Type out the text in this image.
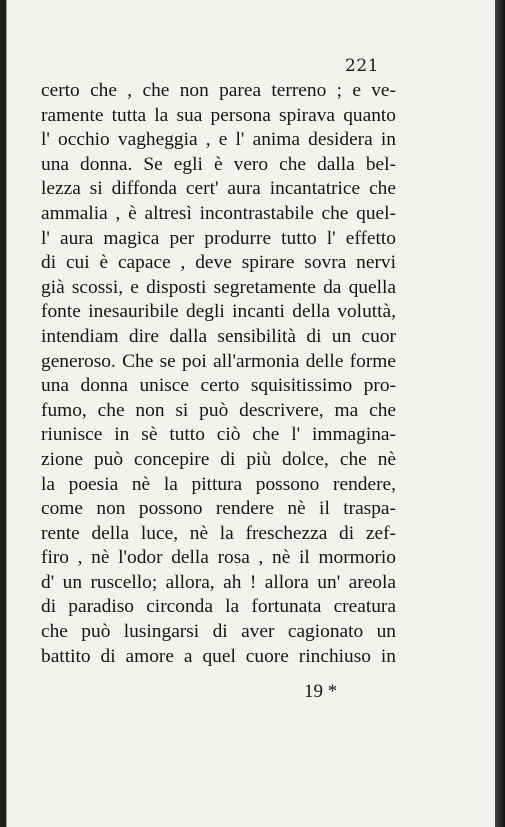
221
certo che , che non parea terreno ; e ve-
ramente tutta la sua persona spirava quanto
l' occhio vagheggia , e l' anima desidera in
una donna. Se egli è vero che dalla bel-
lezza si diffonda cert' aura incantatrice che
ammalia , è altresì incontrastabile che quel-
l' aura magica per produrre tutto l' effetto
di cui è capace , deve spirare sovra nervi
già scossi, e disposti segretamente da quella
fonte inesauribile degli incanti della voluttà,
intendiam dire dalla sensibilità di un cuor
generoso. Che se poi all'armonia delle forme
una donna unisce certo squisitissimo pro-
fumo, che non si può descrivere, ma che
riunisce in sè tutto ciò che l' immagina-
zione può concepire di più dolce, che nè
la poesia nè la pittura possono rendere,
come non possono rendere nè il traspa-
rente della luce, nè la freschezza di zef-
firo , nè l'odor della rosa , nè il mormorio
d' un ruscello; allora, ah ! allora un' areola
di paradiso circonda la fortunata creatura
che può lusingarsi di aver cagionato un
battito di amore a quel cuore rinchiuso in
19 *
